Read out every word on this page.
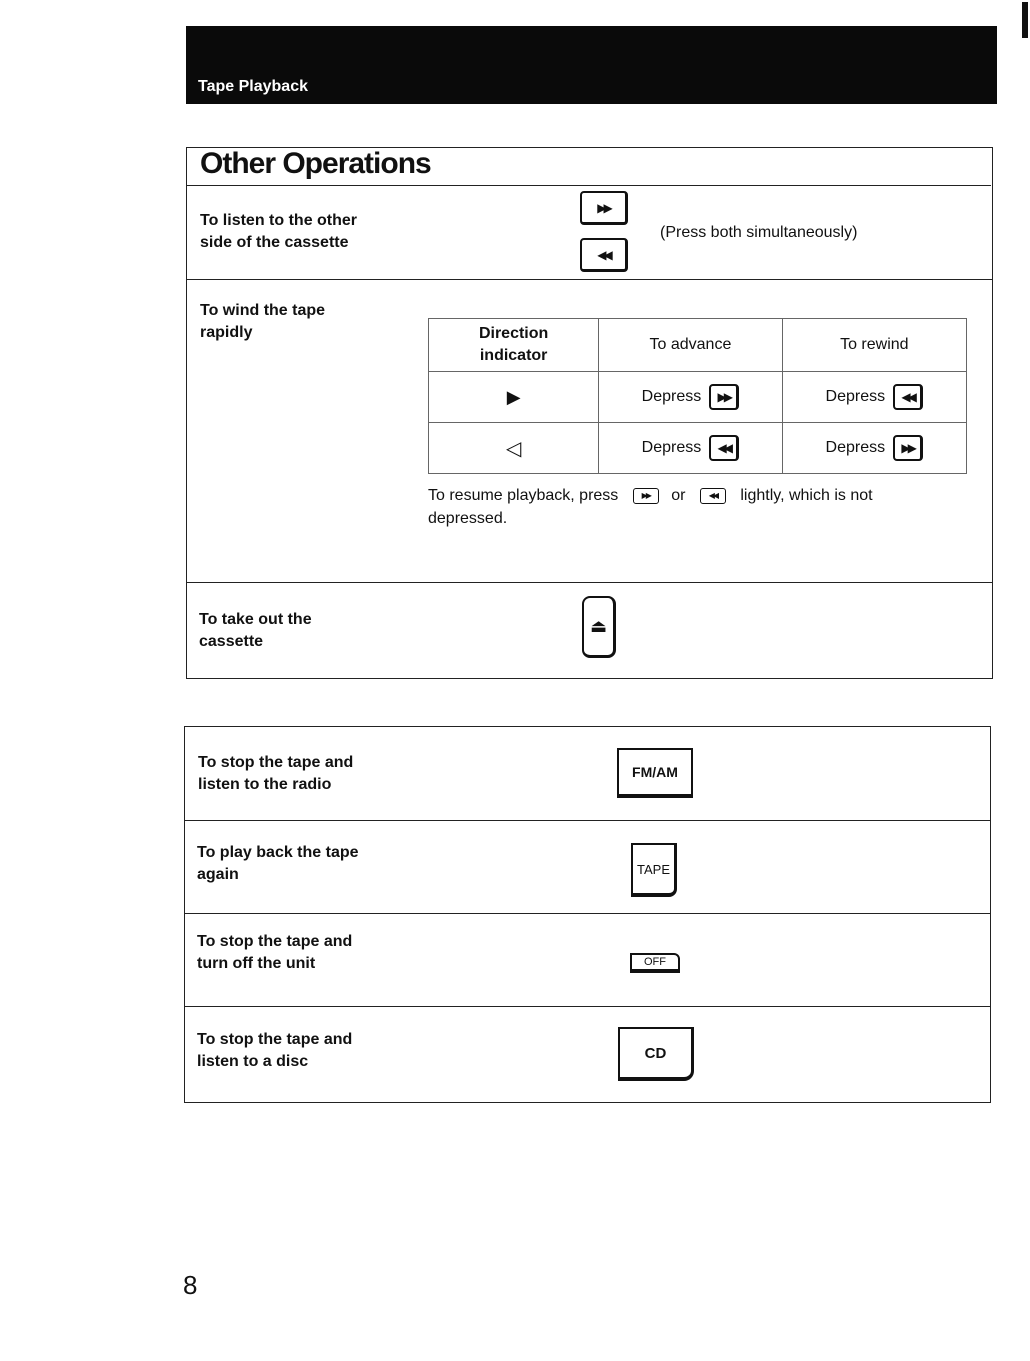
Tape Playback
Other Operations
To listen to the other
side of the cassette
▶▶
◀◀
(Press both simultaneously)
To wind the tape
rapidly	Direction
indicator	To advance	To rewind
▶	Depress ▶▶	Depress ◀◀

◁	Depress ◀◀	Depress ▶▶
To resume playback, press	▶▶ or	◀◀ lightly, which is not
depressed.
To take out the
cassette
⏏
To stop the tape and
listen to the radio
FM/AM
To play back the tape
again	TAPE
To stop the tape and
turn off the unit	OFF
To stop the tape and
listen to a disc	CD
8
